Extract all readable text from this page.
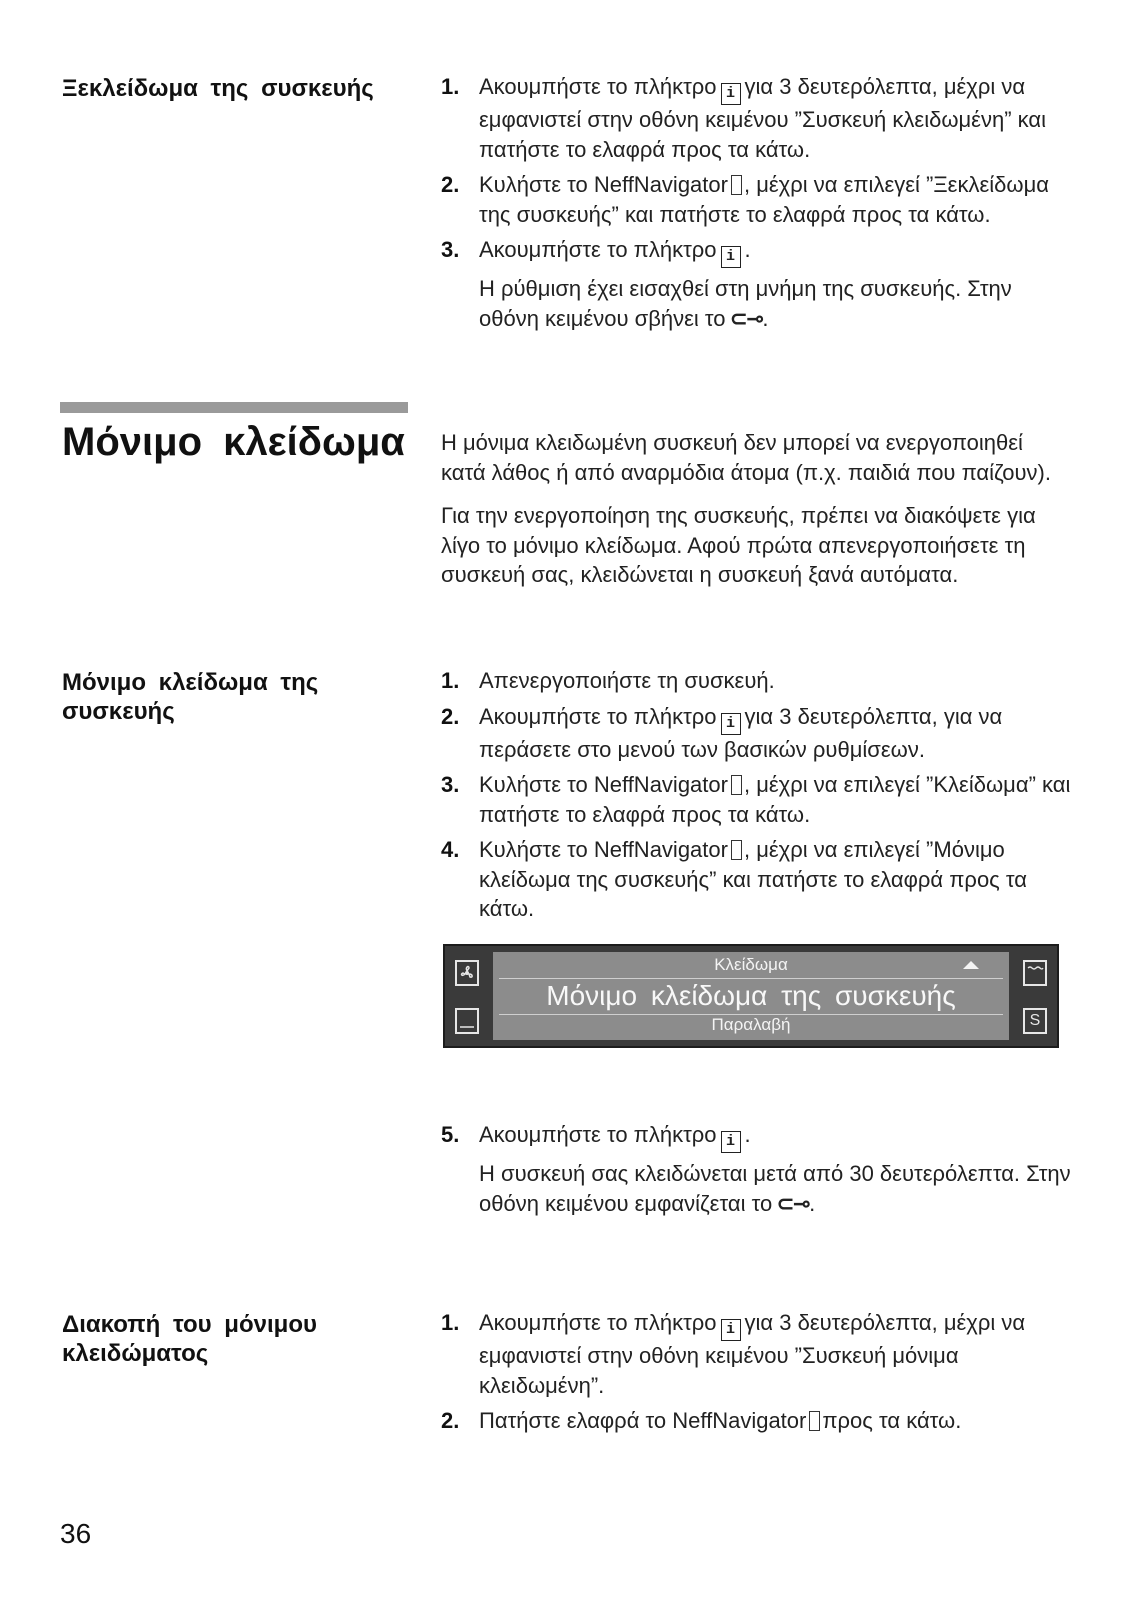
Ξεκλείδωμα της συσκευής	1. Ακουμπήστε το πλήκτρο i για 3 δευτερόλεπτα, μέχρι να εμφανιστεί στην οθόνη κειμένου ”Συσκευή κλειδωμένη” και πατήστε το ελαφρά προς τα κάτω.
2. Κυλήστε το NeffNavigator , μέχρι να επιλεγεί ”Ξεκλείδωμα της συσκευής” και πατήστε το ελαφρά προς τα κάτω.
3. Ακουμπήστε το πλήκτρο i .
Η ρύθμιση έχει εισαχθεί στη μνήμη της συσκευής. Στην οθόνη κειμένου σβήνει το ⊂⊸.
Μόνιμο κλείδωμα Η μόνιμα κλειδωμένη συσκευή δεν μπορεί να ενεργοποιηθεί κατά λάθος ή από αναρμόδια άτομα (π.χ. παιδιά που παίζουν).

Για την ενεργοποίηση της συσκευής, πρέπει να διακόψετε για λίγο το μόνιμο κλείδωμα. Αφού πρώτα απενεργοποιήσετε τη συσκευή σας, κλειδώνεται η συσκευή ξανά αυτόματα.

Μόνιμο κλείδωμα της συσκευής
1. Απενεργοποιήστε τη συσκευή.
2. Ακουμπήστε το πλήκτρο i για 3 δευτερόλεπτα, για να περάσετε στο μενού των βασικών ρυθμίσεων.
3. Κυλήστε το NeffNavigator , μέχρι να επιλεγεί ”Κλείδωμα” και πατήστε το ελαφρά προς τα κάτω.
4. Κυλήστε το NeffNavigator , μέχρι να επιλεγεί ”Μόνιμο κλείδωμα της συσκευής” και πατήστε το ελαφρά προς τα κάτω.
Κλείδωμα
Μόνιμο κλείδωμα της συσκευής
Παραλαβή	S
5. Ακουμπήστε το πλήκτρο i .
Η συσκευή σας κλειδώνεται μετά από 30 δευτερόλεπτα. Στην οθόνη κειμένου εμφανίζεται το ⊂⊸.
Διακοπή του μόνιμου κλειδώματος
1. Ακουμπήστε το πλήκτρο i για 3 δευτερόλεπτα, μέχρι να εμφανιστεί στην οθόνη κειμένου ”Συσκευή μόνιμα κλειδωμένη”.
2. Πατήστε ελαφρά το NeffNavigator προς τα κάτω.
36
